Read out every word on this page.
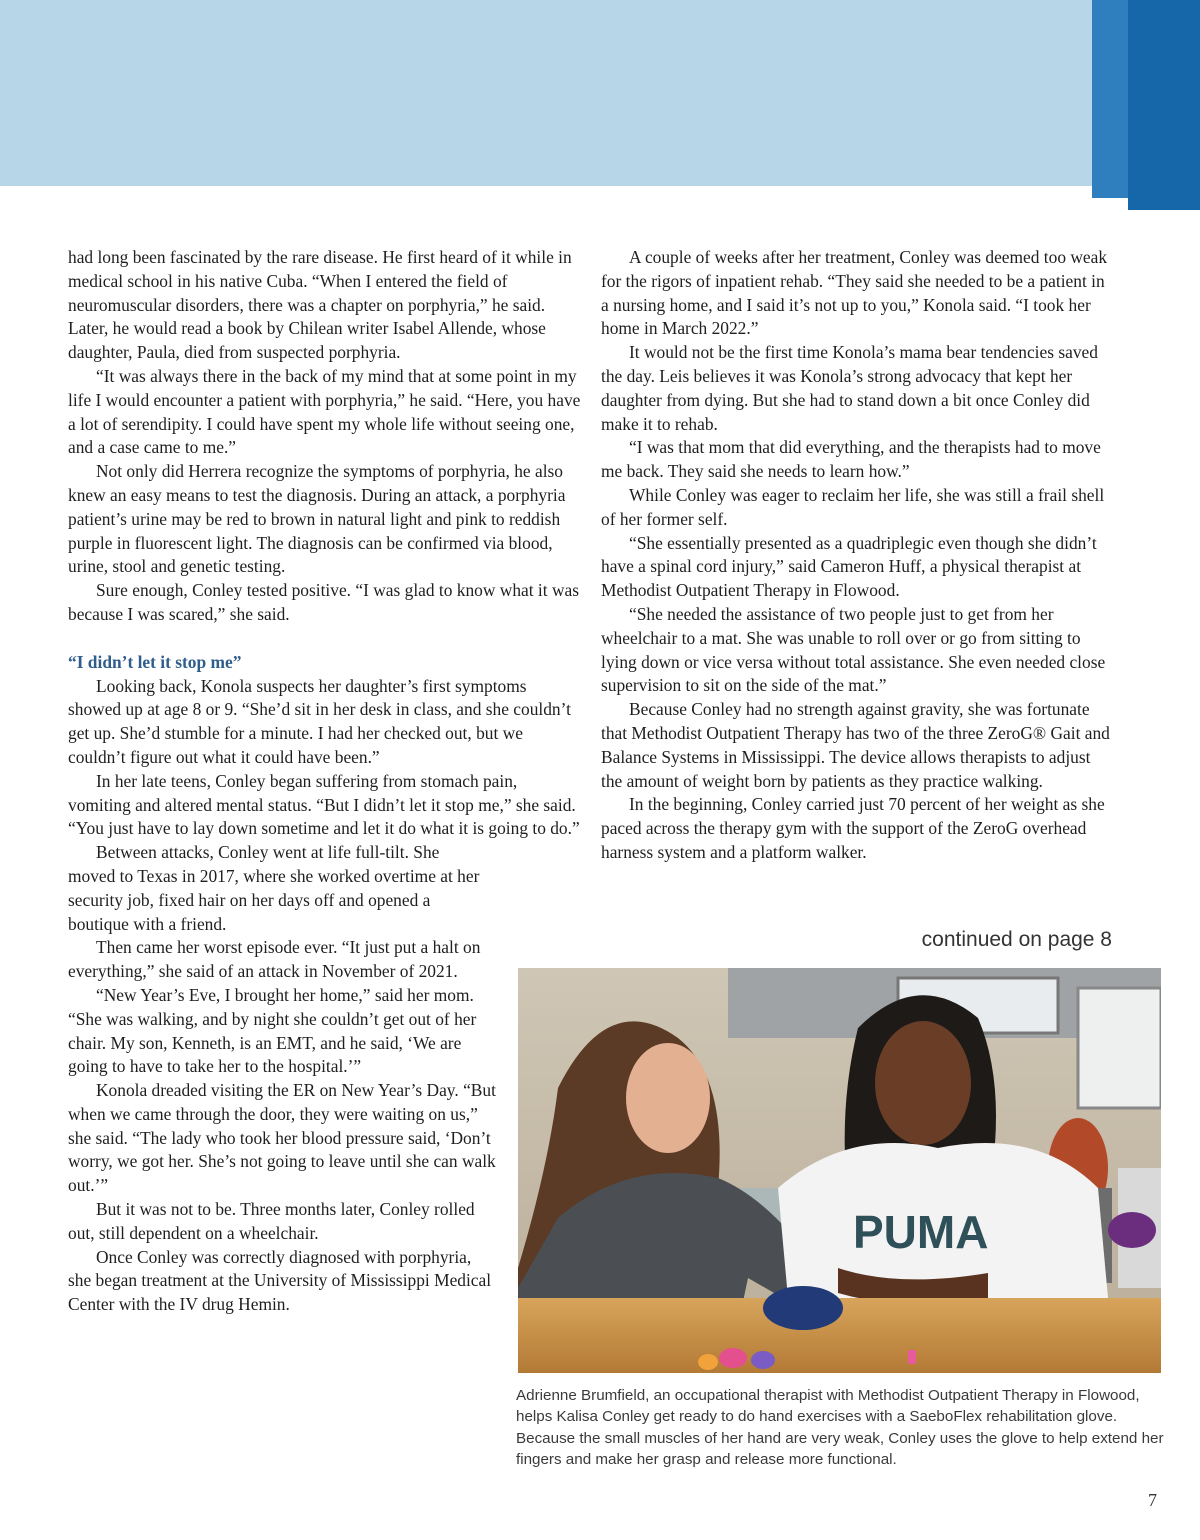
had long been fascinated by the rare disease. He first heard of it while in medical school in his native Cuba. “When I entered the field of neuromuscular disorders, there was a chapter on porphyria,” he said. Later, he would read a book by Chilean writer Isabel Allende, whose daughter, Paula, died from suspected porphyria.

“It was always there in the back of my mind that at some point in my life I would encounter a patient with porphyria,” he said. “Here, you have a lot of serendipity. I could have spent my whole life without seeing one, and a case came to me.”

Not only did Herrera recognize the symptoms of porphyria, he also knew an easy means to test the diagnosis. During an attack, a porphyria patient’s urine may be red to brown in natural light and pink to reddish purple in fluorescent light. The diagnosis can be confirmed via blood, urine, stool and genetic testing.

Sure enough, Conley tested positive. “I was glad to know what it was because I was scared,” she said.

“I didn’t let it stop me”

Looking back, Konola suspects her daughter’s first symptoms showed up at age 8 or 9. “She’d sit in her desk in class, and she couldn’t get up. She’d stumble for a minute. I had her checked out, but we couldn’t figure out what it could have been.”

In her late teens, Conley began suffering from stomach pain, vomiting and altered mental status. “But I didn’t let it stop me,” she said. “You just have to lay down sometime and let it do what it is going to do.”

Between attacks, Conley went at life full-tilt. She moved to Texas in 2017, where she worked overtime at her security job, fixed hair on her days off and opened a boutique with a friend.

Then came her worst episode ever. “It just put a halt on everything,” she said of an attack in November of 2021.

“New Year’s Eve, I brought her home,” said her mom. “She was walking, and by night she couldn’t get out of her chair. My son, Kenneth, is an EMT, and he said, ‘We are going to have to take her to the hospital.’”

Konola dreaded visiting the ER on New Year’s Day. “But when we came through the door, they were waiting on us,” she said. “The lady who took her blood pressure said, ‘Don’t worry, we got her. She’s not going to leave until she can walk out.’”

But it was not to be. Three months later, Conley rolled out, still dependent on a wheelchair.

Once Conley was correctly diagnosed with porphyria, she began treatment at the University of Mississippi Medical Center with the IV drug Hemin.

A couple of weeks after her treatment, Conley was deemed too weak for the rigors of inpatient rehab. “They said she needed to be a patient in a nursing home, and I said it’s not up to you,” Konola said. “I took her home in March 2022.”

It would not be the first time Konola’s mama bear tendencies saved the day. Leis believes it was Konola’s strong advocacy that kept her daughter from dying. But she had to stand down a bit once Conley did make it to rehab.

“I was that mom that did everything, and the therapists had to move me back. They said she needs to learn how.”

While Conley was eager to reclaim her life, she was still a frail shell of her former self.

“She essentially presented as a quadriplegic even though she didn’t have a spinal cord injury,” said Cameron Huff, a physical therapist at Methodist Outpatient Therapy in Flowood.

“She needed the assistance of two people just to get from her wheelchair to a mat. She was unable to roll over or go from sitting to lying down or vice versa without total assistance. She even needed close supervision to sit on the side of the mat.”

Because Conley had no strength against gravity, she was fortunate that Methodist Outpatient Therapy has two of the three ZeroG® Gait and Balance Systems in Mississippi. The device allows therapists to adjust the amount of weight born by patients as they practice walking.

In the beginning, Conley carried just 70 percent of her weight as she paced across the therapy gym with the support of the ZeroG overhead harness system and a platform walker.

continued on page 8
PUMA
Adrienne Brumfield, an occupational therapist with Methodist Outpatient Therapy in Flowood, helps Kalisa Conley get ready to do hand exercises with a SaeboFlex rehabilitation glove. Because the small muscles of her hand are very weak, Conley uses the glove to help extend her fingers and make her grasp and release more functional.
7
